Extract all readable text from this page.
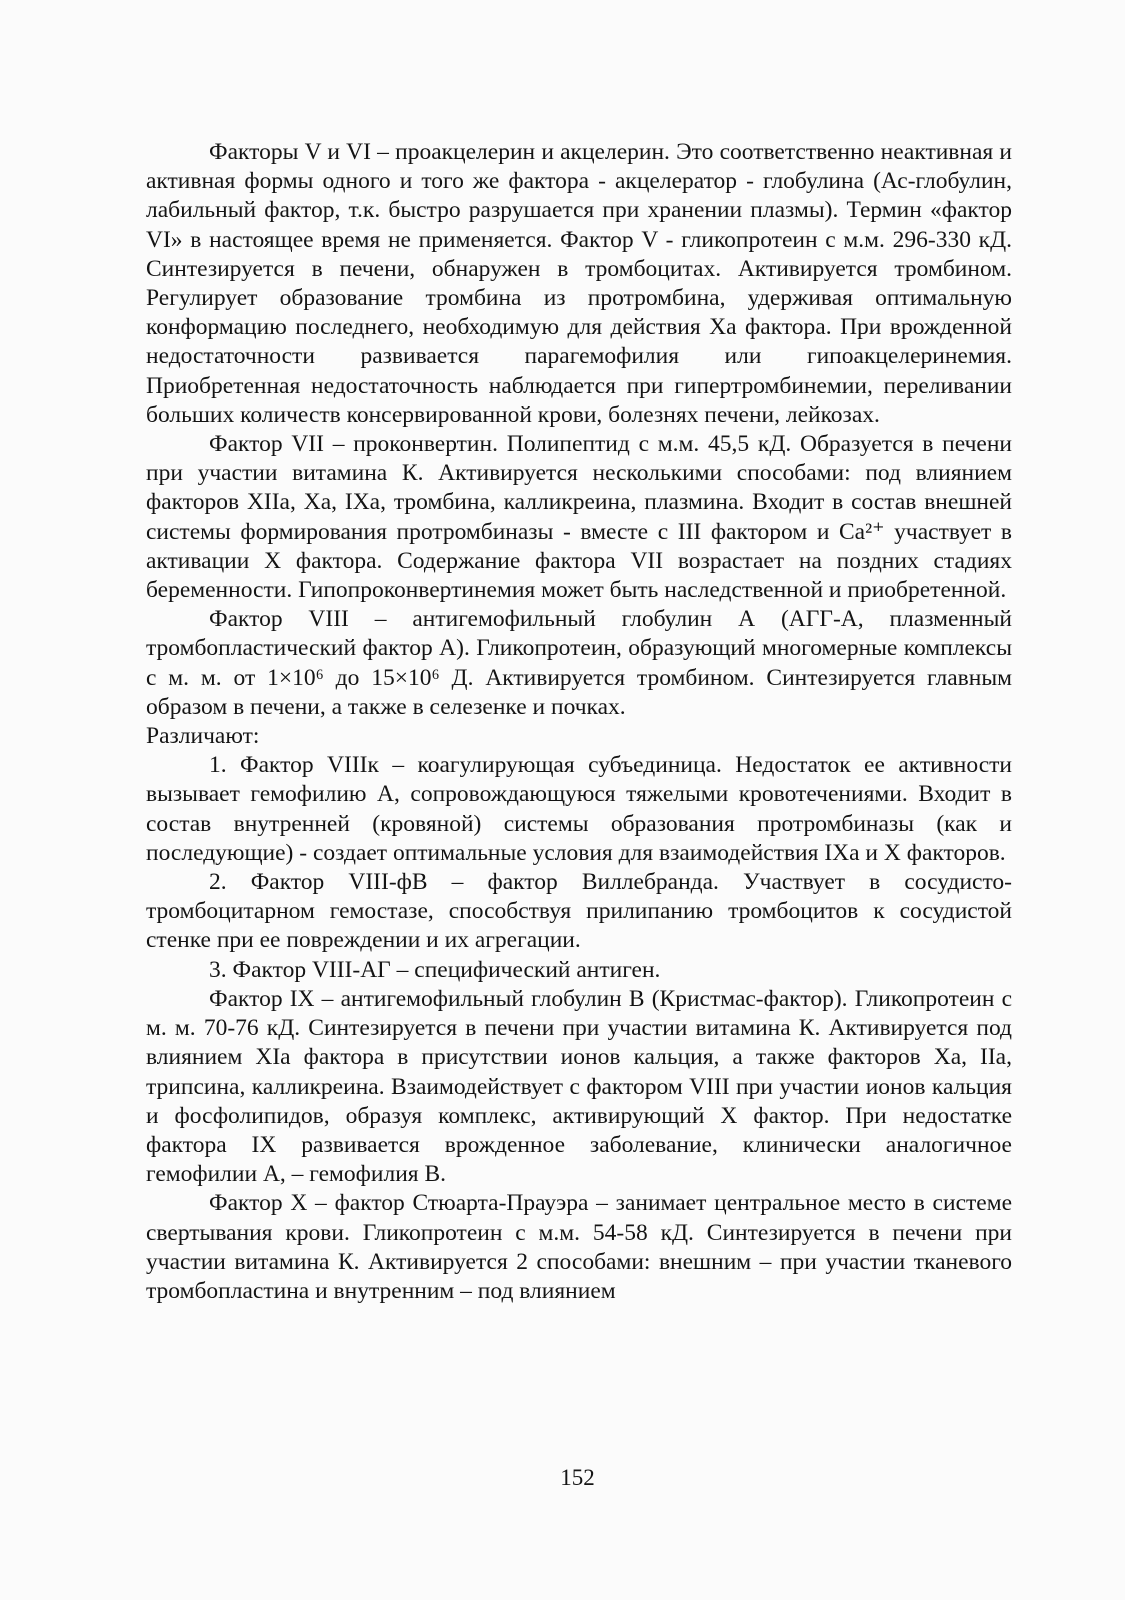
Факторы V и VI – проакцелерин и акцелерин. Это соответственно неактивная и активная формы одного и того же фактора - акцелератор - глобулина (Ас-глобулин, лабильный фактор, т.к. быстро разрушается при хранении плазмы). Термин «фактор VI» в настоящее время не применяется. Фактор V - гликопротеин с м.м. 296-330 кД. Синтезируется в печени, обнаружен в тромбоцитах. Активируется тромбином. Регулирует образование тромбина из протромбина, удерживая оптимальную конформацию последнего, необходимую для действия Ха фактора. При врожденной недостаточности развивается парагемофилия или гипоакцелеринемия. Приобретенная недостаточность наблюдается при гипертромбинемии, переливании больших количеств консервированной крови, болезнях печени, лейкозах.

Фактор VII – проконвертин. Полипептид с м.м. 45,5 кД. Образуется в печени при участии витамина К. Активируется несколькими способами: под влиянием факторов ХIIа, Ха, IXа, тромбина, калликреина, плазмина. Входит в состав внешней системы формирования протромбиназы - вместе с III фактором и Са²⁺ участвует в активации Х фактора. Содержание фактора VII возрастает на поздних стадиях беременности. Гипопроконвертинемия может быть наследственной и приобретенной.

Фактор VIII – антигемофильный глобулин А (АГГ-А, плазменный тромбопластический фактор А). Гликопротеин, образующий многомерные комплексы с м. м. от 1×10⁶ до 15×10⁶ Д. Активируется тромбином. Синтезируется главным образом в печени, а также в селезенке и почках.

Различают:

1. Фактор VIIIк – коагулирующая субъединица. Недостаток ее активности вызывает гемофилию А, сопровождающуюся тяжелыми кровотечениями. Входит в состав внутренней (кровяной) системы образования протромбиназы (как и последующие) - создает оптимальные условия для взаимодействия IХа и Х факторов.

2. Фактор VIII-фВ – фактор Виллебранда. Участвует в сосудисто-тромбоцитарном гемостазе, способствуя прилипанию тромбоцитов к сосудистой стенке при ее повреждении и их агрегации.

3. Фактор VIII-АГ – специфический антиген.

Фактор IX – антигемофильный глобулин В (Кристмас-фактор). Гликопротеин с м. м. 70-76 кД. Синтезируется в печени при участии витамина К. Активируется под влиянием ХIа фактора в присутствии ионов кальция, а также факторов Ха, IIа, трипсина, калликреина. Взаимодействует с фактором VIII при участии ионов кальция и фосфолипидов, образуя комплекс, активирующий Х фактор. При недостатке фактора IX развивается врожденное заболевание, клинически аналогичное гемофилии А, – гемофилия В.

Фактор Х – фактор Стюарта-Прауэра – занимает центральное место в системе свертывания крови. Гликопротеин с м.м. 54-58 кД. Синтезируется в печени при участии витамина К. Активируется 2 способами: внешним – при участии тканевого тромбопластина и внутренним – под влиянием

152
